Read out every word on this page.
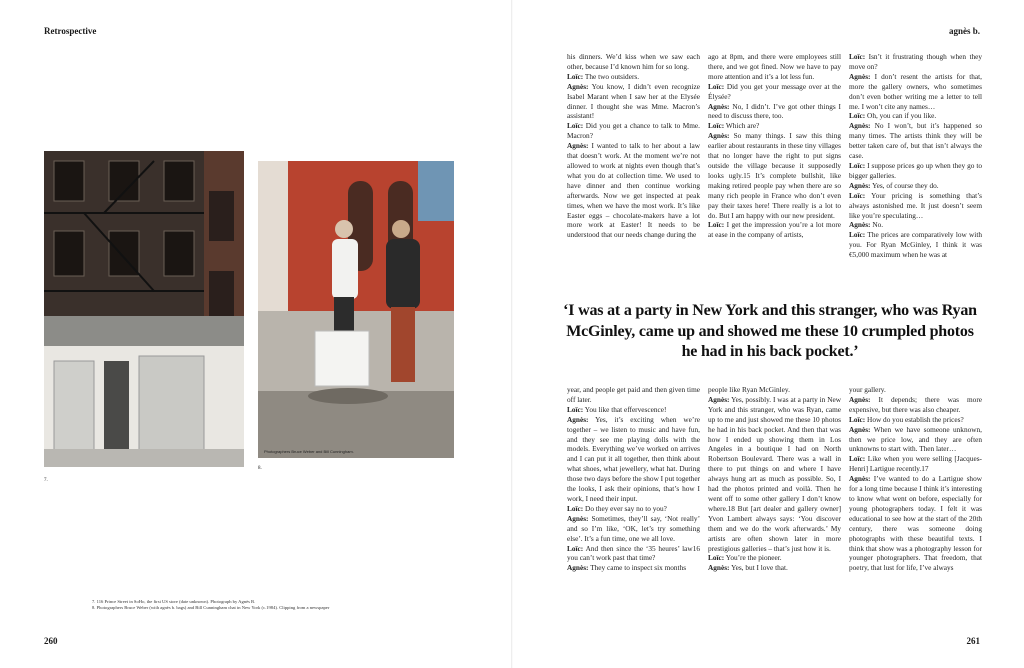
Retrospective	agnès b.
7.
Photographers Bruce Weber and Bill Cunningham.
8.
7. 116 Prince Street in SoHo, the first US store (date unknown). Photograph by Agnès B.
8. Photographers Bruce Weber (with agnès b. bags) and Bill Cunningham chat in New York (c.1984). Clipping from a newspaper
260	261

his dinners. We’d kiss when we saw each other, because I’d known him for so long.

Loïc: The two outsiders.

Agnès: You know, I didn’t even recognize Isabel Marant when I saw her at the Elysée dinner. I thought she was Mme. Macron’s assistant!

Loïc: Did you get a chance to talk to Mme. Macron?

Agnès: I wanted to talk to her about a law that doesn’t work. At the moment we’re not allowed to work at nights even though that’s what you do at collection time. We used to have dinner and then continue working afterwards. Now we get inspected at peak times, when we have the most work. It’s like Easter eggs – chocolate-makers have a lot more work at Easter! It needs to be understood that our needs change during the

ago at 8pm, and there were employees still there, and we got fined. Now we have to pay more attention and it’s a lot less fun.

Loïc: Did you get your message over at the Élysée?

Agnès: No, I didn’t. I’ve got other things I need to discuss there, too.

Loïc: Which are?

Agnès: So many things. I saw this thing earlier about restaurants in these tiny villages that no longer have the right to put signs outside the village because it supposedly looks ugly.15 It’s complete bullshit, like making retired people pay when there are so many rich people in France who don’t even pay their taxes here! There really is a lot to do. But I am happy with our new president.

Loïc: I get the impression you’re a lot more at ease in the company of artists,

Loïc: Isn’t it frustrating though when they move on?

Agnès: I don’t resent the artists for that, more the gallery owners, who sometimes don’t even bother writing me a letter to tell me. I won’t cite any names…

Loïc: Oh, you can if you like.

Agnès: No I won’t, but it’s happened so many times. The artists think they will be better taken care of, but that isn’t always the case.

Loïc: I suppose prices go up when they go to bigger galleries.

Agnès: Yes, of course they do.

Loïc: Your pricing is something that’s always astonished me. It just doesn’t seem like you’re speculating…

Agnès: No.

Loïc: The prices are comparatively low with you. For Ryan McGinley, I think it was €5,000 maximum when he was at

‘I was at a party in New York and this stranger, who was Ryan McGinley, came up and showed me these 10 crumpled photos he had in his back pocket.’

year, and people get paid and then given time off later.

Loïc: You like that effervescence!

Agnès: Yes, it’s exciting when we’re together – we listen to music and have fun, and they see me playing dolls with the models. Everything we’ve worked on arrives and I can put it all together, then think about what shoes, what jewellery, what hat. During those two days before the show I put together the looks, I ask their opinions, that’s how I work, I need their input.

Loïc: Do they ever say no to you?

Agnès: Sometimes, they’ll say, ‘Not really’ and so I’m like, ‘OK, let’s try something else’. It’s a fun time, one we all love.

Loïc: And then since the ‘35 heures’ law16 you can’t work past that time?

Agnès: They came to inspect six months

people like Ryan McGinley.

Agnès: Yes, possibly. I was at a party in New York and this stranger, who was Ryan, came up to me and just showed me these 10 photos he had in his back pocket. And then that was how I ended up showing them in Los Angeles in a boutique I had on North Robertson Boulevard. There was a wall in there to put things on and where I have always hung art as much as possible. So, I had the photos printed and voilà. Then he went off to some other gallery I don’t know where.18 But [art dealer and gallery owner] Yvon Lambert always says: ‘You discover them and we do the work afterwards.’ My artists are often shown later in more prestigious galleries – that’s just how it is.

Loïc: You’re the pioneer.

Agnès: Yes, but I love that.

your gallery.

Agnès: It depends; there was more expensive, but there was also cheaper.

Loïc: How do you establish the prices?

Agnès: When we have someone unknown, then we price low, and they are often unknowns to start with. Then later…

Loïc: Like when you were selling [Jacques-Henri] Lartigue recently.17

Agnès: I’ve wanted to do a Lartigue show for a long time because I think it’s interesting to know what went on before, especially for young photographers today. I felt it was educational to see how at the start of the 20th century, there was someone doing photographs with these beautiful texts. I think that show was a photography lesson for younger photographers. That freedom, that poetry, that lust for life, I’ve always
